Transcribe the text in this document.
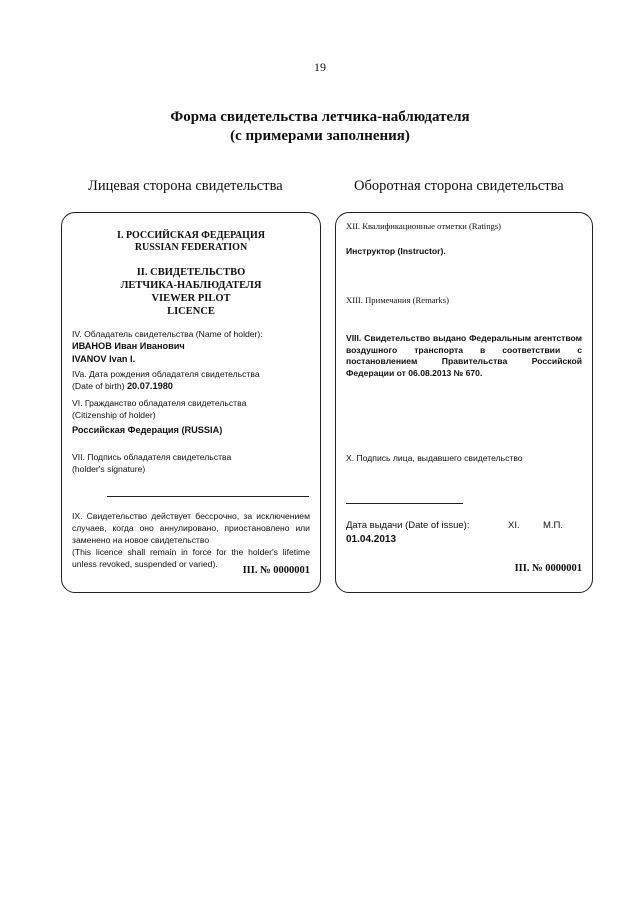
19
Форма свидетельства летчика-наблюдателя
(с примерами заполнения)
Лицевая сторона свидетельства	Оборотная сторона свидетельства
I. РОССИЙСКАЯ ФЕДЕРАЦИЯ
RUSSIAN FEDERATION
II. СВИДЕТЕЛЬСТВО
ЛЕТЧИКА-НАБЛЮДАТЕЛЯ
VIEWER PILOT
LICENCE
IV. Обладатель свидетельства (Name of holder):
ИВАНОВ Иван Иванович
IVANOV Ivan I.
IVa. Дата рождения обладателя свидетельства
(Date of birth) 20.07.1980
VI. Гражданство обладателя свидетельства
(Citizenship of holder)
Российская Федерация (RUSSIA)
VII. Подпись обладателя свидетельства
(holder's signature)
IX. Свидетельство действует бессрочно, за исключением случаев, когда оно аннулировано, приостановлено или заменено на новое свидетельство
(This licence shall remain in force for the holder's lifetime unless revoked, suspended or varied).
III. № 0000001
XII. Квалификационные отметки (Ratings)
Инструктор (Instructor).
XIII. Примечания (Remarks)
VIII. Свидетельство выдано Федеральным агентством воздушного транспорта в соответствии с постановлением Правительства Российской Федерации от 06.08.2013 № 670.
X. Подпись лица, выдавшего свидетельство
Дата выдачи (Date of issue):	XI. М.П.
01.04.2013
III. № 0000001
